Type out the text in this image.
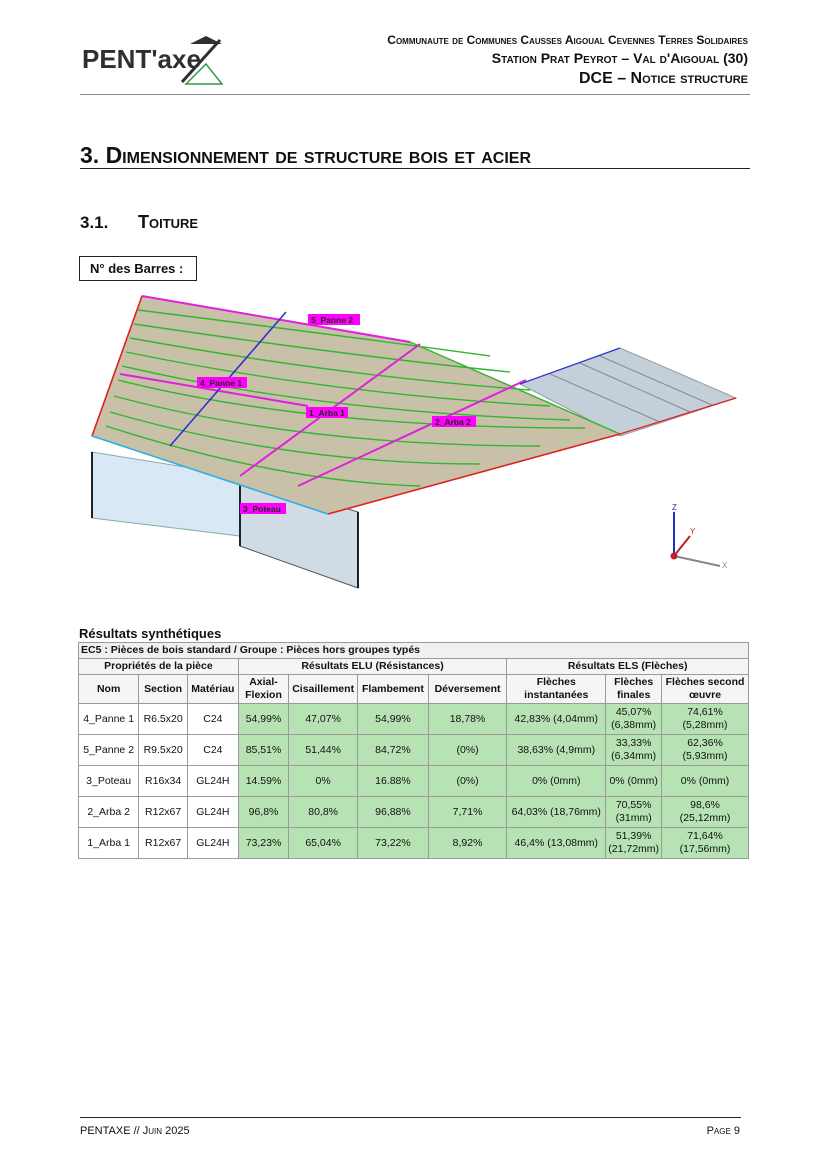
PENT'axe
Communaute de Communes Causses Aigoual Cevennes Terres Solidaires
Station Prat Peyrot – Val d'Aigoual (30)
DCE – Notice structure
3. Dimensionnement de structure bois et acier
3.1. Toiture
N° des Barres :
5_Panne 2
4_Panne 1
1_Arba 1
2_Arba 2
3_Poteau	Z
Y
X
Résultats synthétiques
EC5 : Pièces de bois standard / Groupe : Pièces hors groupes typés									
Propriétés de la pièce			Résultats ELU (Résistances)				Résultats ELS (Flèches)		
Nom	Section	Matériau	Axial-Flexion	Cisaillement	Flambement	Déversement	Flèches instantanées	Flèches finales	Flèches second œuvre
4_Panne 1	R6.5x20	C24	54,99%	47,07%	54,99%	18,78%	42,83% (4,04mm)	45,07% (6,38mm)	74,61% (5,28mm)
5_Panne 2	R9.5x20	C24	85,51%	51,44%	84,72%	(0%)	38,63% (4,9mm)	33,33% (6,34mm)	62,36% (5,93mm)
3_Poteau	R16x34	GL24H	14.59%	0%	16.88%	(0%)	0% (0mm)	0% (0mm)	0% (0mm)
2_Arba 2	R12x67	GL24H	96,8%	80,8%	96,88%	7,71%	64,03% (18,76mm)	70,55% (31mm)	98,6% (25,12mm)
1_Arba 1	R12x67	GL24H	73,23%	65,04%	73,22%	8,92%	46,4% (13,08mm)	51,39% (21,72mm)	71,64% (17,56mm)
PENTAXE // Juin 2025	Page 9
